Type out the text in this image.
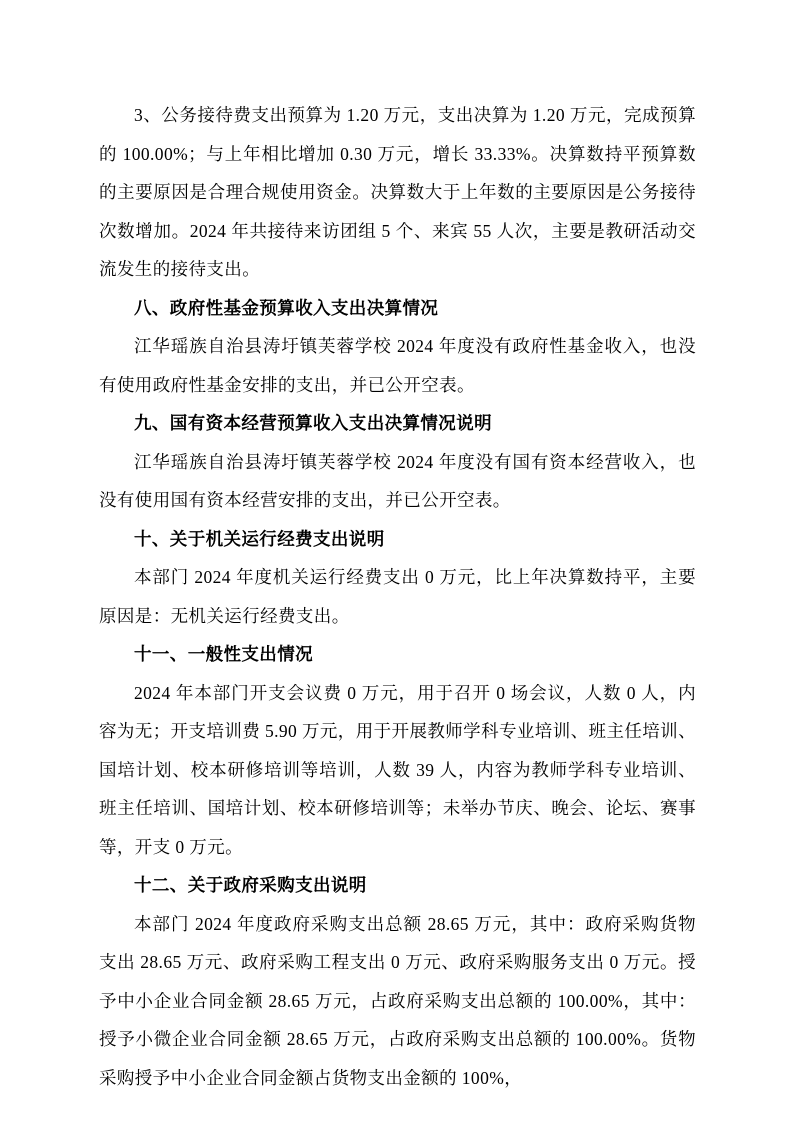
3、公务接待费支出预算为 1.20 万元，支出决算为 1.20 万元，完成预算的 100.00%；与上年相比增加 0.30 万元，增长 33.33%。决算数持平预算数的主要原因是合理合规使用资金。决算数大于上年数的主要原因是公务接待次数增加。2024 年共接待来访团组 5 个、来宾 55 人次，主要是教研活动交流发生的接待支出。

八、政府性基金预算收入支出决算情况

江华瑶族自治县涛圩镇芙蓉学校 2024 年度没有政府性基金收入，也没有使用政府性基金安排的支出，并已公开空表。

九、国有资本经营预算收入支出决算情况说明

江华瑶族自治县涛圩镇芙蓉学校 2024 年度没有国有资本经营收入，也没有使用国有资本经营安排的支出，并已公开空表。

十、关于机关运行经费支出说明

本部门 2024 年度机关运行经费支出 0 万元，比上年决算数持平，主要原因是：无机关运行经费支出。

十一、一般性支出情况

2024 年本部门开支会议费 0 万元，用于召开 0 场会议，人数 0 人，内容为无；开支培训费 5.90 万元，用于开展教师学科专业培训、班主任培训、国培计划、校本研修培训等培训，人数 39 人，内容为教师学科专业培训、班主任培训、国培计划、校本研修培训等；未举办节庆、晚会、论坛、赛事等，开支 0 万元。

十二、关于政府采购支出说明

本部门 2024 年度政府采购支出总额 28.65 万元，其中：政府采购货物支出 28.65 万元、政府采购工程支出 0 万元、政府采购服务支出 0 万元。授予中小企业合同金额 28.65 万元，占政府采购支出总额的 100.00%，其中：授予小微企业合同金额 28.65 万元，占政府采购支出总额的 100.00%。货物采购授予中小企业合同金额占货物支出金额的 100%，
